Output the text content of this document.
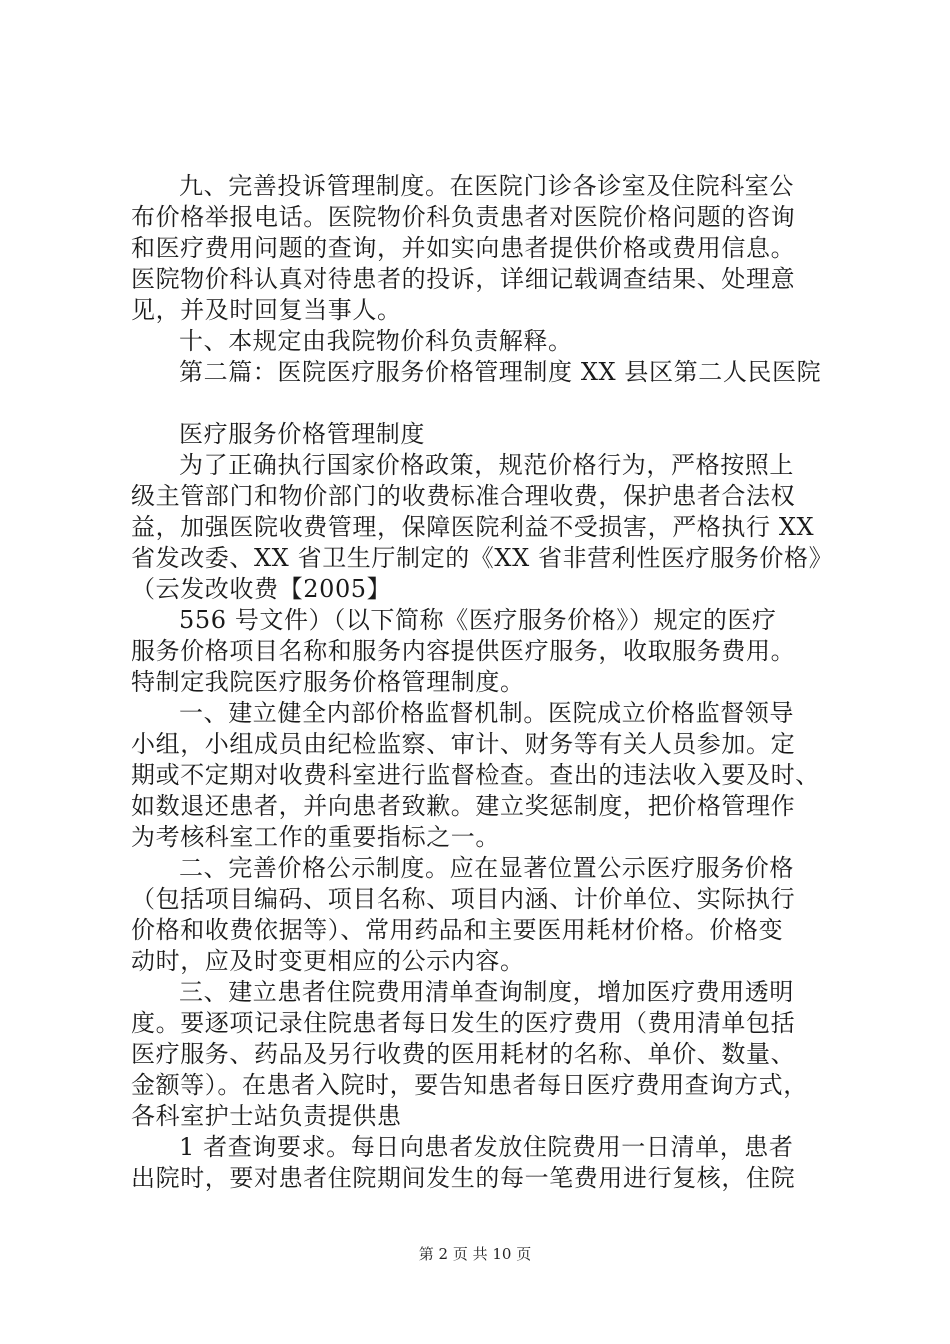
九、完善投诉管理制度。在医院门诊各诊室及住院科室公
布价格举报电话。医院物价科负责患者对医院价格问题的咨询
和医疗费用问题的查询，并如实向患者提供价格或费用信息。
医院物价科认真对待患者的投诉，详细记载调查结果、处理意
见，并及时回复当事人。
十、本规定由我院物价科负责解释。
第二篇：医院医疗服务价格管理制度 XX 县区第二人民医院
医疗服务价格管理制度
为了正确执行国家价格政策，规范价格行为，严格按照上
级主管部门和物价部门的收费标准合理收费，保护患者合法权
益，加强医院收费管理，保障医院利益不受损害，严格执行 XX
省发改委、XX 省卫生厅制定的《XX 省非营利性医疗服务价格》
（云发改收费【2005】
556 号文件）（以下简称《医疗服务价格》）规定的医疗
服务价格项目名称和服务内容提供医疗服务，收取服务费用。
特制定我院医疗服务价格管理制度。
一、建立健全内部价格监督机制。医院成立价格监督领导
小组，小组成员由纪检监察、审计、财务等有关人员参加。定
期或不定期对收费科室进行监督检查。查出的违法收入要及时、
如数退还患者，并向患者致歉。建立奖惩制度，把价格管理作
为考核科室工作的重要指标之一。
二、完善价格公示制度。应在显著位置公示医疗服务价格
（包括项目编码、项目名称、项目内涵、计价单位、实际执行
价格和收费依据等）、常用药品和主要医用耗材价格。价格变
动时，应及时变更相应的公示内容。
三、建立患者住院费用清单查询制度，增加医疗费用透明
度。要逐项记录住院患者每日发生的医疗费用（费用清单包括
医疗服务、药品及另行收费的医用耗材的名称、单价、数量、
金额等）。在患者入院时，要告知患者每日医疗费用查询方式，
各科室护士站负责提供患
1 者查询要求。每日向患者发放住院费用一日清单，患者
出院时，要对患者住院期间发生的每一笔费用进行复核，住院
第 2 页 共 10 页
